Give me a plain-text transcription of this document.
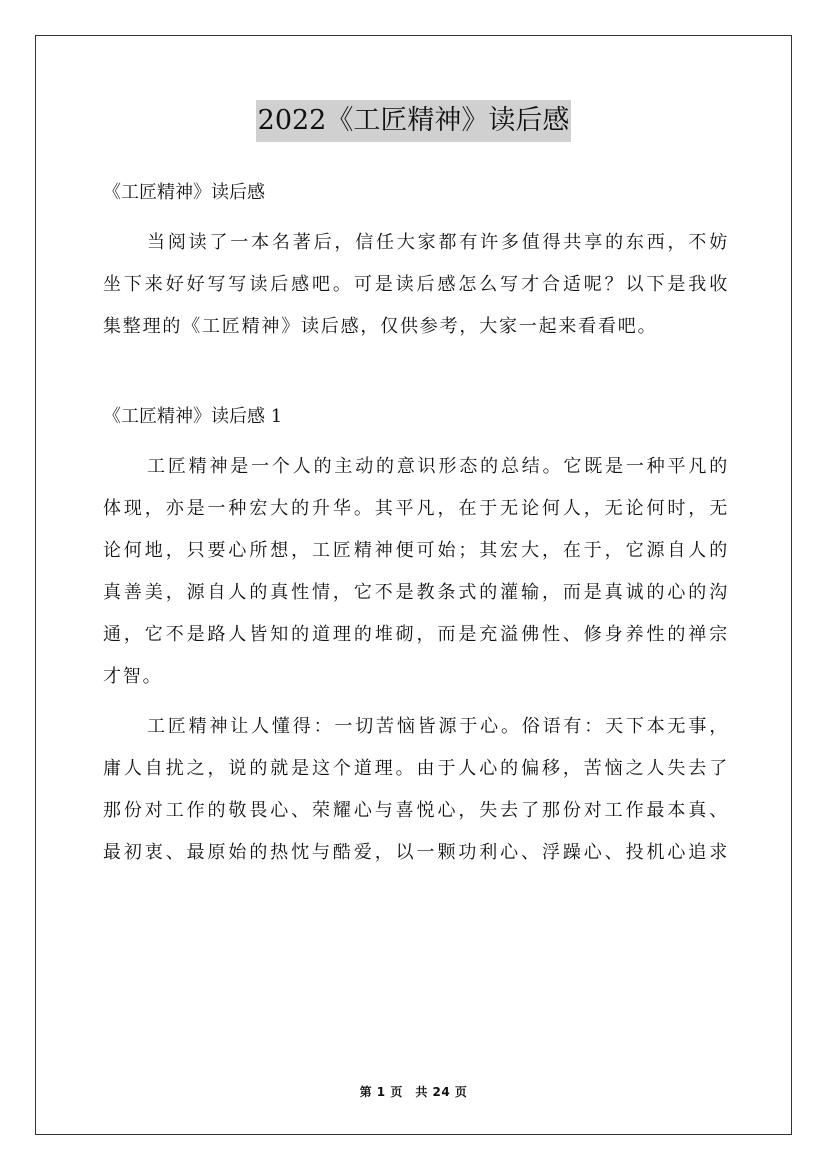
2022《工匠精神》读后感

《工匠精神》读后感

当阅读了一本名著后，信任大家都有许多值得共享的东西，不妨
坐下来好好写写读后感吧。可是读后感怎么写才合适呢？以下是我收
集整理的《工匠精神》读后感，仅供参考，大家一起来看看吧。

《工匠精神》读后感 1

工匠精神是一个人的主动的意识形态的总结。它既是一种平凡的
体现，亦是一种宏大的升华。其平凡，在于无论何人，无论何时，无
论何地，只要心所想，工匠精神便可始；其宏大，在于，它源自人的
真善美，源自人的真性情，它不是教条式的灌输，而是真诚的心的沟
通，它不是路人皆知的道理的堆砌，而是充溢佛性、修身养性的禅宗
才智。

工匠精神让人懂得：一切苦恼皆源于心。俗语有：天下本无事，
庸人自扰之，说的就是这个道理。由于人心的偏移，苦恼之人失去了
那份对工作的敬畏心、荣耀心与喜悦心，失去了那份对工作最本真、
最初衷、最原始的热忱与酷爱，以一颗功利心、浮躁心、投机心追求

第 1 页　共 24 页
